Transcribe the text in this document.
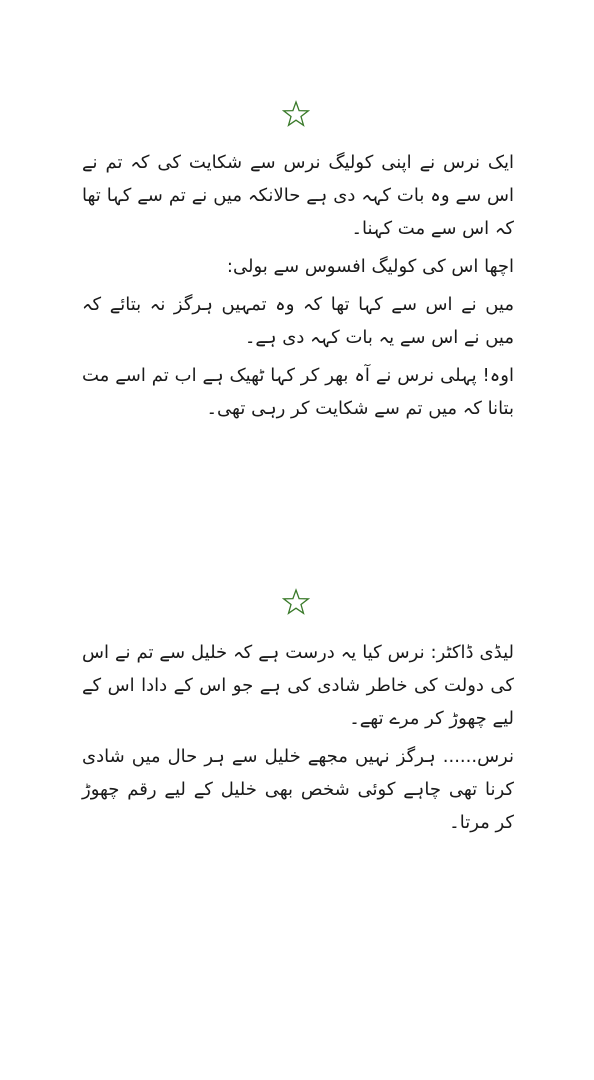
ایک نرس نے اپنی کولیگ نرس سے شکایت کی کہ تم نے اس سے وہ بات کہہ دی ہے حالانکہ میں نے تم سے کہا تھا کہ اس سے مت کہنا۔

اچھا اس کی کولیگ افسوس سے بولی:

میں نے اس سے کہا تھا کہ وہ تمہیں ہرگز نہ بتائے کہ میں نے اس سے یہ بات کہہ دی ہے۔

اوہ! پہلی نرس نے آہ بھر کر کہا ٹھیک ہے اب تم اسے مت بتانا کہ میں تم سے شکایت کر رہی تھی۔

لیڈی ڈاکٹر: نرس کیا یہ درست ہے کہ خلیل سے تم نے اس کی دولت کی خاطر شادی کی ہے جو اس کے دادا اس کے لیے چھوڑ کر مرے تھے۔

نرس...... ہرگز نہیں مجھے خلیل سے ہر حال میں شادی کرنا تھی چاہے کوئی شخص بھی خلیل کے لیے رقم چھوڑ کر مرتا۔
